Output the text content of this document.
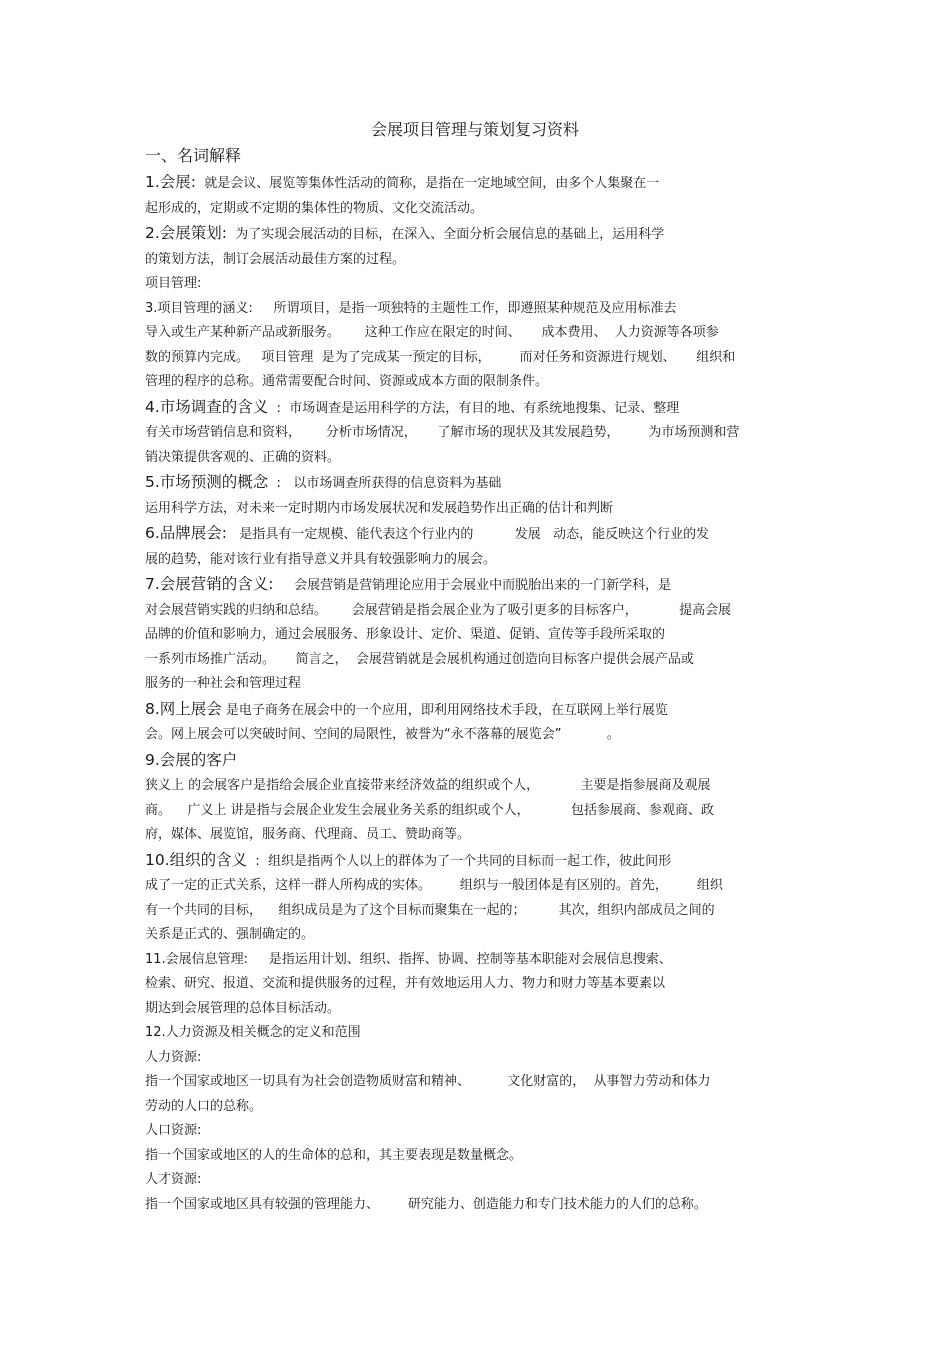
会展项目管理与策划复习资料
一、名词解释
1.会展:  就是会议、展览等集体性活动的简称，是指在一定地域空间，由多个人集聚在一
起形成的，定期或不定期的集体性的物质、文化交流活动。
2.会展策划:  为了实现会展活动的目标，在深入、全面分析会展信息的基础上，运用科学
的策划方法，制订会展活动最佳方案的过程。
项目管理:
3.项目管理的涵义:     所谓项目，是指一项独特的主题性工作，即遵照某种规范及应用标准去
导入或生产某种新产品或新服务。      这种工作应在限定的时间、     成本费用、  人力资源等各项参
数的预算内完成。   项目管理  是为了完成某一预定的目标，       而对任务和资源进行规划、     组织和
管理的程序的总称。通常需要配合时间、资源或成本方面的限制条件。
4.市场调查的含义  :  市场调查是运用科学的方法，有目的地、有系统地搜集、记录、整理
有关市场营销信息和资料，      分析市场情况，     了解市场的现状及其发展趋势，       为市场预测和营
销决策提供客观的、正确的资料。
5.市场预测的概念  :   以市场调查所获得的信息资料为基础
运用科学方法，对未来一定时期内市场发展状况和发展趋势作出正确的估计和判断
6.品牌展会:   是指具有一定规模、能代表这个行业内的          发展   动态，能反映这个行业的发
展的趋势，能对该行业有指导意义并具有较强影响力的展会。
7.会展营销的含义:     会展营销是营销理论应用于会展业中而脱胎出来的一门新学科，是
对会展营销实践的归纳和总结。      会展营销是指会展企业为了吸引更多的目标客户，          提高会展
品牌的价值和影响力，通过会展服务、形象设计、定价、渠道、促销、宣传等手段所采取的
一系列市场推广活动。     简言之，  会展营销就是会展机构通过创造向目标客户提供会展产品或
服务的一种社会和管理过程
8.网上展会 是电子商务在展会中的一个应用，即利用网络技术手段，在互联网上举行展览
会。网上展会可以突破时间、空间的局限性，被誉为“永不落幕的展览会”           。
9.会展的客户
狭义上 的会展客户是指给会展企业直接带来经济效益的组织或个人，          主要是指参展商及观展
商。    广义上 讲是指与会展企业发生会展业务关系的组织或个人，          包括参展商、参观商、政
府，媒体、展览馆，服务商、代理商、员工、赞助商等。
10.组织的含义  :  组织是指两个人以上的群体为了一个共同的目标而一起工作，彼此间形
成了一定的正式关系，这样一群人所构成的实体。       组织与一般团体是有区别的。首先，       组织
有一个共同的目标，    组织成员是为了这个目标而聚集在一起的；        其次，组织内部成员之间的
关系是正式的、强制确定的。
11.会展信息管理:     是指运用计划、组织、指挥、协调、控制等基本职能对会展信息搜索、
检索、研究、报道、交流和提供服务的过程，并有效地运用人力、物力和财力等基本要素以
期达到会展管理的总体目标活动。
12.人力资源及相关概念的定义和范围
人力资源:
指一个国家或地区一切具有为社会创造物质财富和精神、         文化财富的，  从事智力劳动和体力
劳动的人口的总称。
人口资源:
指一个国家或地区的人的生命体的总和，其主要表现是数量概念。
人才资源:
指一个国家或地区具有较强的管理能力、       研究能力、创造能力和专门技术能力的人们的总称。
